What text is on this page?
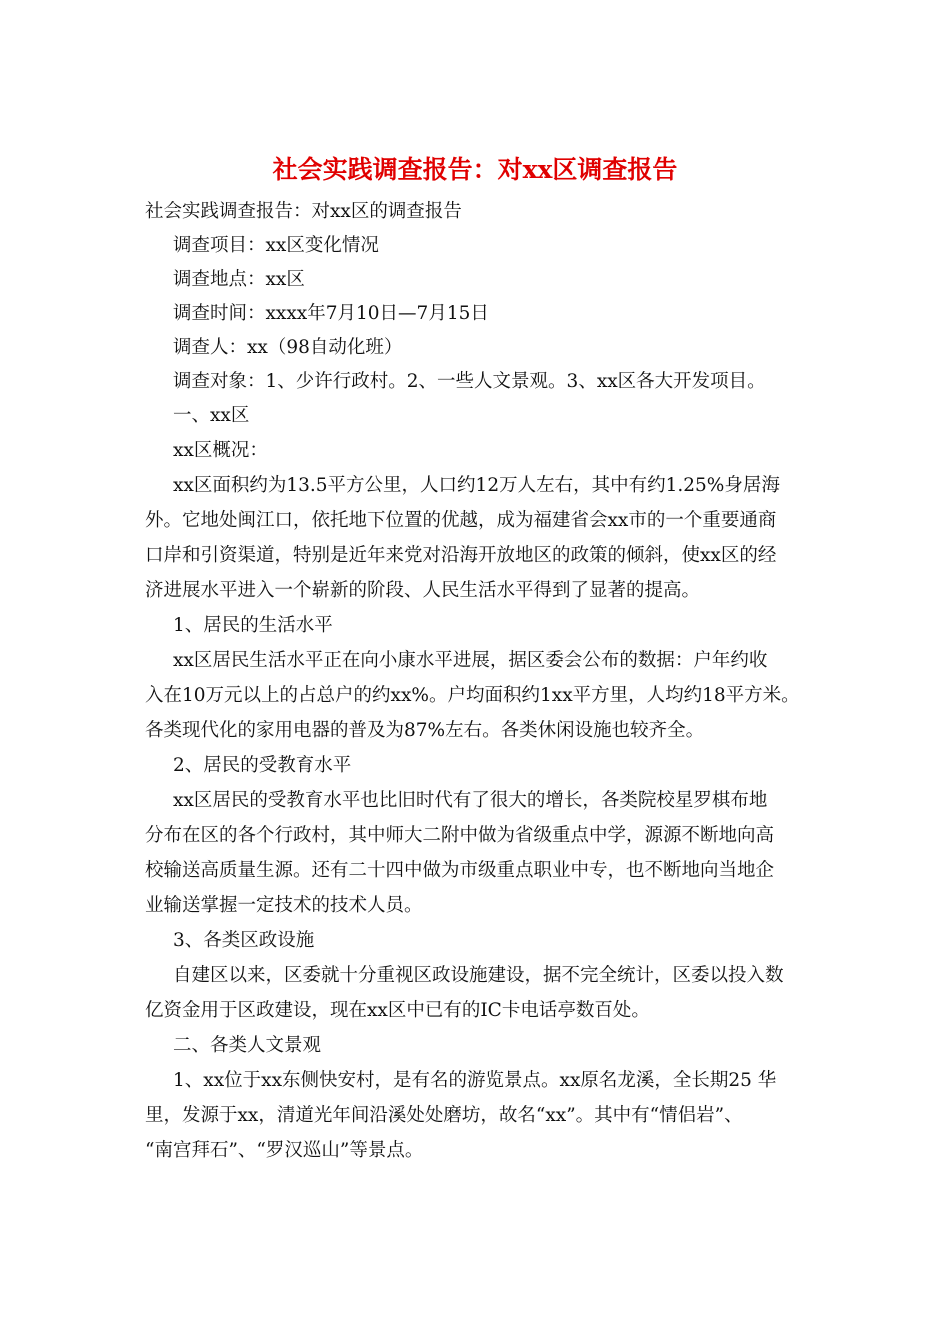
社会实践调查报告：对xx区调查报告
社会实践调查报告：对xx区的调查报告
调查项目：xx区变化情况
调查地点：xx区
调查时间：xxxx年7月10日—7月15日
调查人：xx（98自动化班）
调查对象：1、少许行政村。2、一些人文景观。3、xx区各大开发项目。
一、xx区
xx区概况：
xx区面积约为13.5平方公里，人口约12万人左右，其中有约1.25%身居海
外。它地处闽江口，依托地下位置的优越，成为福建省会xx市的一个重要通商
口岸和引资渠道，特别是近年来党对沿海开放地区的政策的倾斜，使xx区的经
济进展水平进入一个崭新的阶段、人民生活水平得到了显著的提高。
1、居民的生活水平
xx区居民生活水平正在向小康水平进展，据区委会公布的数据：户年约收
入在10万元以上的占总户的约xx%。户均面积约1xx平方里，人均约18平方米。
各类现代化的家用电器的普及为87%左右。各类休闲设施也较齐全。
2、居民的受教育水平
xx区居民的受教育水平也比旧时代有了很大的增长，各类院校星罗棋布地
分布在区的各个行政村，其中师大二附中做为省级重点中学，源源不断地向高
校输送高质量生源。还有二十四中做为市级重点职业中专，也不断地向当地企
业输送掌握一定技术的技术人员。
3、各类区政设施
自建区以来，区委就十分重视区政设施建设，据不完全统计，区委以投入数
亿资金用于区政建设，现在xx区中已有的IC卡电话亭数百处。
二、各类人文景观
1、xx位于xx东侧快安村，是有名的游览景点。xx原名龙溪，全长期25 华
里，发源于xx，清道光年间沿溪处处磨坊，故名“xx”。其中有“情侣岩”、
“南宫拜石”、“罗汉巡山”等景点。
